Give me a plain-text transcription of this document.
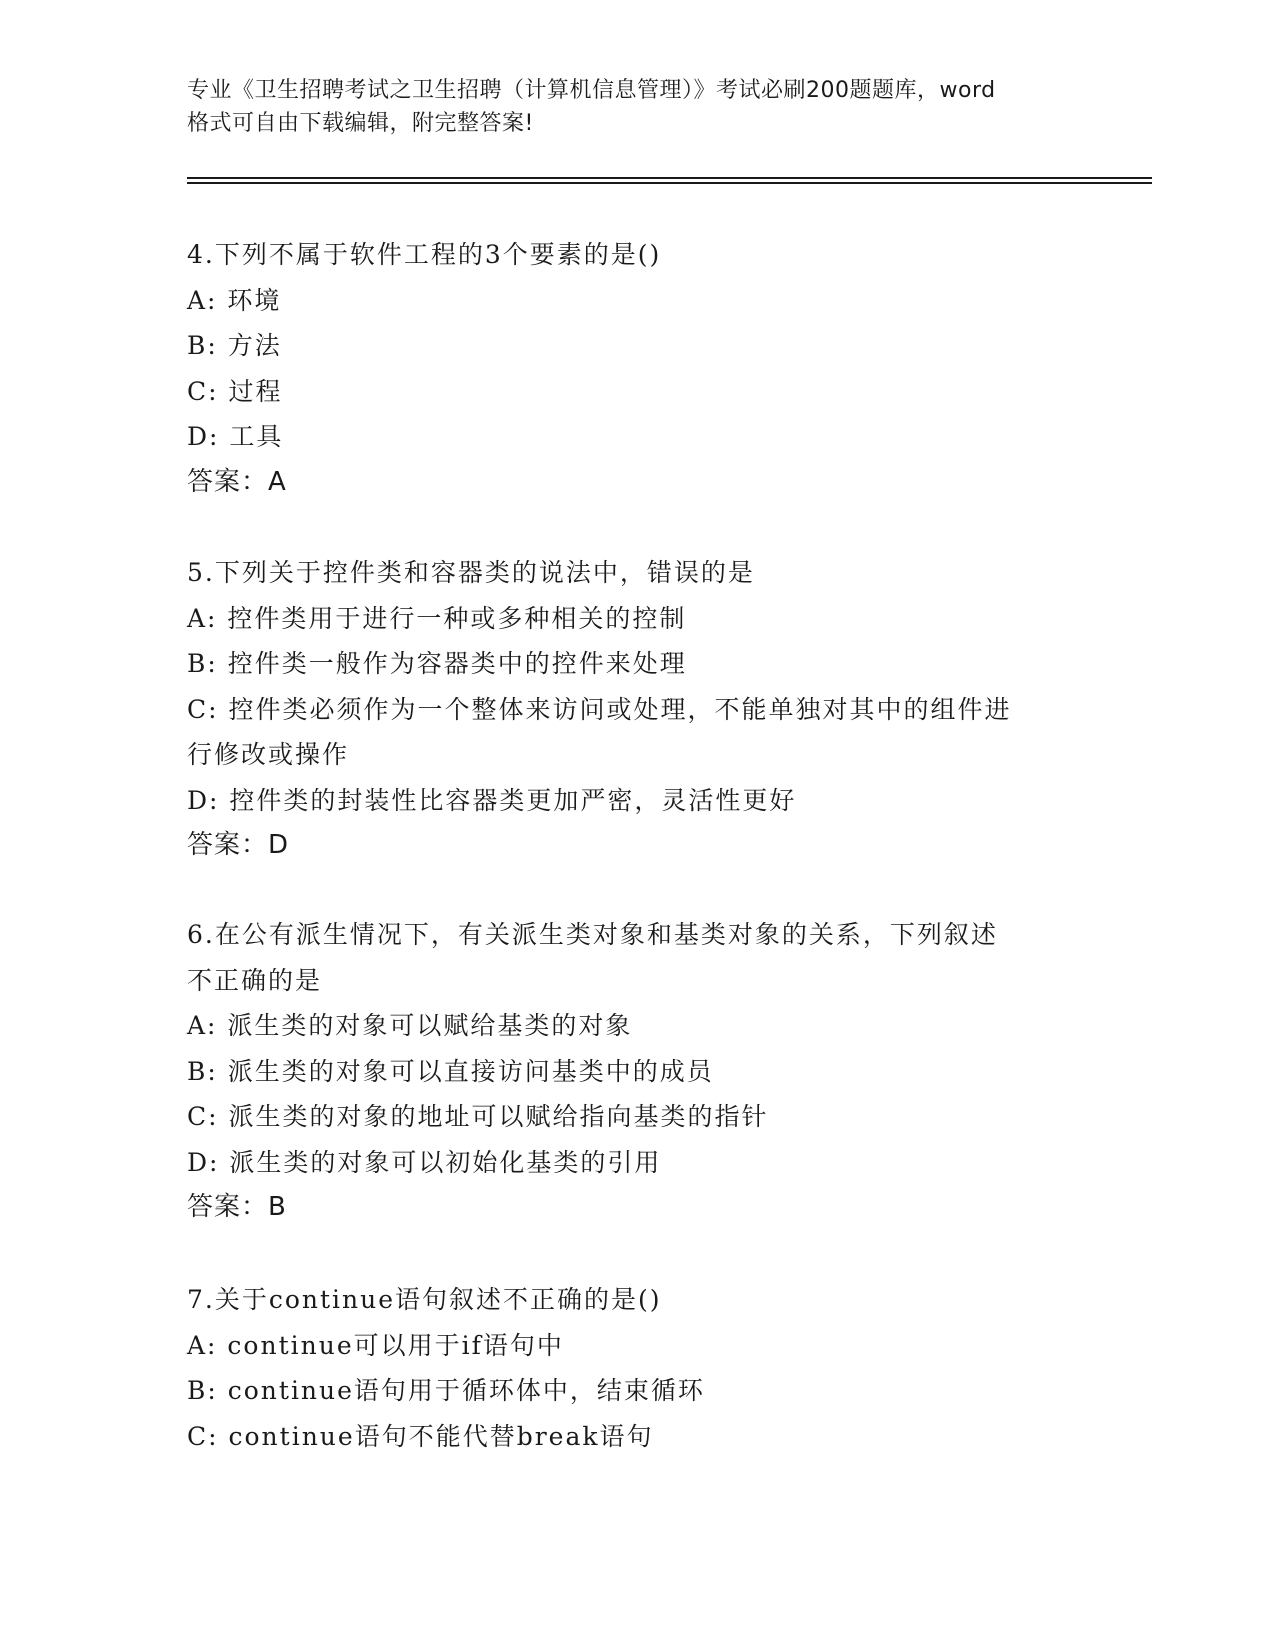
专业《卫生招聘考试之卫生招聘（计算机信息管理）》考试必刷200题题库，word
格式可自由下载编辑，附完整答案!
4.下列不属于软件工程的3个要素的是()
A: 环境
B: 方法
C: 过程
D: 工具
答案：A
5.下列关于控件类和容器类的说法中，错误的是
A: 控件类用于进行一种或多种相关的控制
B: 控件类一般作为容器类中的控件来处理
C: 控件类必须作为一个整体来访问或处理，不能单独对其中的组件进
行修改或操作
D: 控件类的封装性比容器类更加严密，灵活性更好
答案：D
6.在公有派生情况下，有关派生类对象和基类对象的关系，下列叙述
不正确的是
A: 派生类的对象可以赋给基类的对象
B: 派生类的对象可以直接访问基类中的成员
C: 派生类的对象的地址可以赋给指向基类的指针
D: 派生类的对象可以初始化基类的引用
答案：B
7.关于continue语句叙述不正确的是()
A: continue可以用于if语句中
B: continue语句用于循环体中，结束循环
C: continue语句不能代替break语句
